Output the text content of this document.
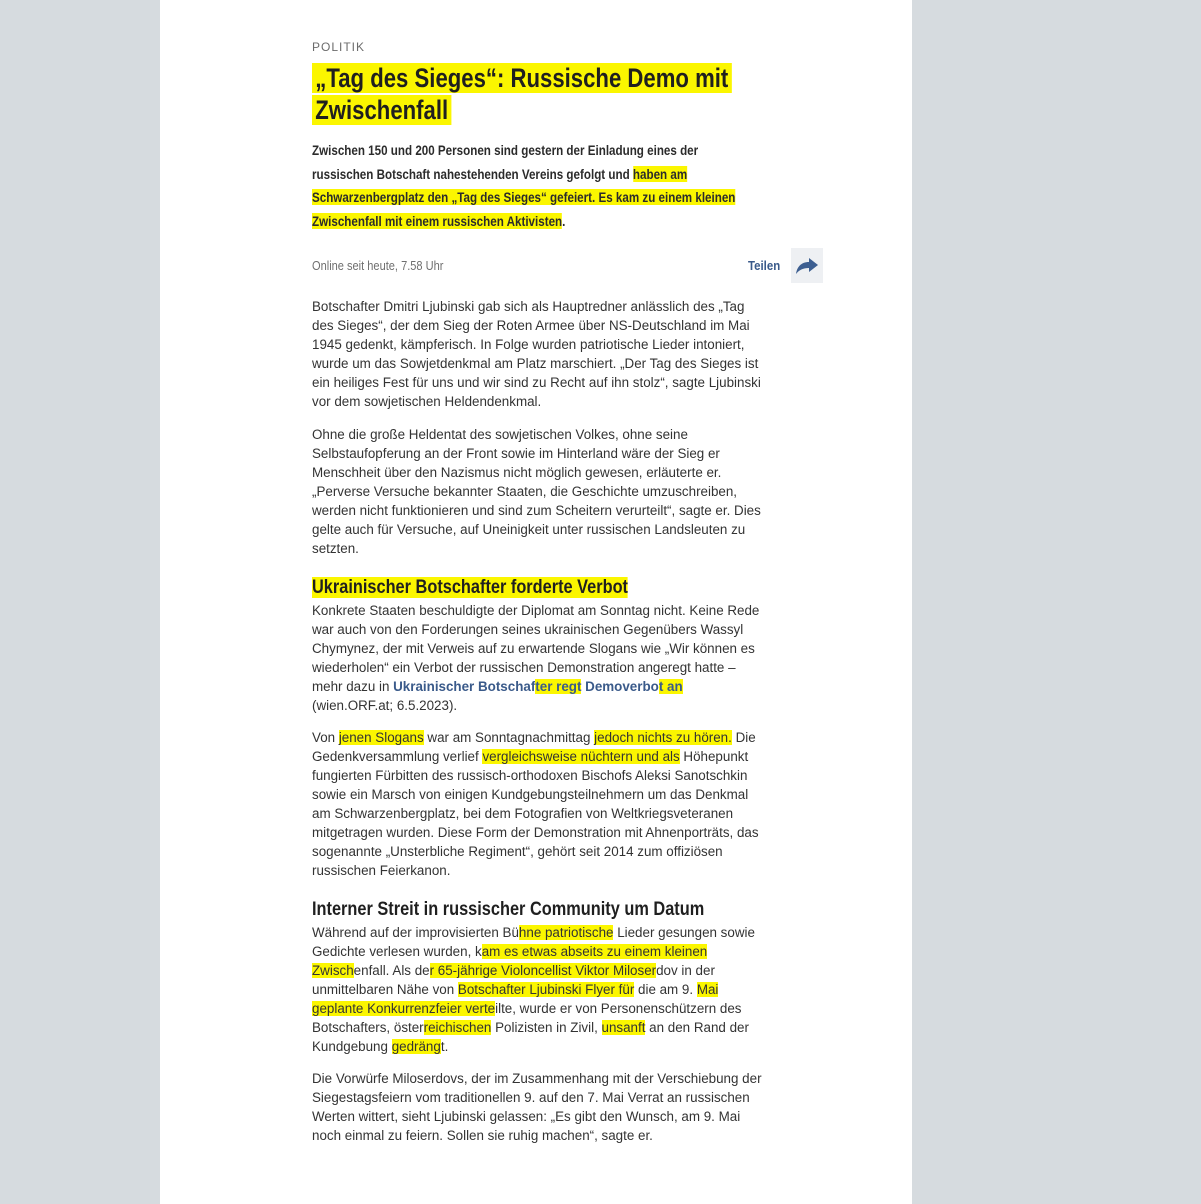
POLITIK
„Tag des Sieges“: Russische Demo mit
Zwischenfall

Zwischen 150 und 200 Personen sind gestern der Einladung eines der russischen Botschaft nahestehenden Vereins gefolgt und haben am Schwarzenbergplatz den „Tag des Sieges“ gefeiert. Es kam zu einem kleinen Zwischenfall mit einem russischen Aktivisten.

Online seit heute, 7.58 Uhr	Teilen

Botschafter Dmitri Ljubinski gab sich als Hauptredner anlässlich des „Tag des Sieges“, der dem Sieg der Roten Armee über NS-Deutschland im Mai 1945 gedenkt, kämpferisch. In Folge wurden patriotische Lieder intoniert, wurde um das Sowjetdenkmal am Platz marschiert. „Der Tag des Sieges ist ein heiliges Fest für uns und wir sind zu Recht auf ihn stolz“, sagte Ljubinski vor dem sowjetischen Heldendenkmal.

Ohne die große Heldentat des sowjetischen Volkes, ohne seine Selbstaufopferung an der Front sowie im Hinterland wäre der Sieg er Menschheit über den Nazismus nicht möglich gewesen, erläuterte er. „Perverse Versuche bekannter Staaten, die Geschichte umzuschreiben, werden nicht funktionieren und sind zum Scheitern verurteilt“, sagte er. Dies gelte auch für Versuche, auf Uneinigkeit unter russischen Landsleuten zu setzten.

Ukrainischer Botschafter forderte Verbot

Konkrete Staaten beschuldigte der Diplomat am Sonntag nicht. Keine Rede war auch von den Forderungen seines ukrainischen Gegenübers Wassyl Chymynez, der mit Verweis auf zu erwartende Slogans wie „Wir können es wiederholen“ ein Verbot der russischen Demonstration angeregt hatte – mehr dazu in Ukrainischer Botschafter regt Demoverbot an (wien.ORF.at; 6.5.2023).

Von jenen Slogans war am Sonntagnachmittag jedoch nichts zu hören. Die Gedenkversammlung verlief vergleichsweise nüchtern und als Höhepunkt fungierten Fürbitten des russisch-orthodoxen Bischofs Aleksi Sanotschkin sowie ein Marsch von einigen Kundgebungsteilnehmern um das Denkmal am Schwarzenbergplatz, bei dem Fotografien von Weltkriegsveteranen mitgetragen wurden. Diese Form der Demonstration mit Ahnenporträts, das sogenannte „Unsterbliche Regiment“, gehört seit 2014 zum offiziösen russischen Feierkanon.

Interner Streit in russischer Community um Datum

Während auf der improvisierten Bühne patriotische Lieder gesungen sowie Gedichte verlesen wurden, kam es etwas abseits zu einem kleinen Zwischenfall. Als der 65-jährige Violoncellist Viktor Miloserdov in der unmittelbaren Nähe von Botschafter Ljubinski Flyer für die am 9. Mai geplante Konkurrenzfeier verteilte, wurde er von Personenschützern des Botschafters, österreichischen Polizisten in Zivil, unsanft an den Rand der Kundgebung gedrängt.

Die Vorwürfe Miloserdovs, der im Zusammenhang mit der Verschiebung der Siegestagsfeiern vom traditionellen 9. auf den 7. Mai Verrat an russischen Werten wittert, sieht Ljubinski gelassen: „Es gibt den Wunsch, am 9. Mai noch einmal zu feiern. Sollen sie ruhig machen“, sagte er.
